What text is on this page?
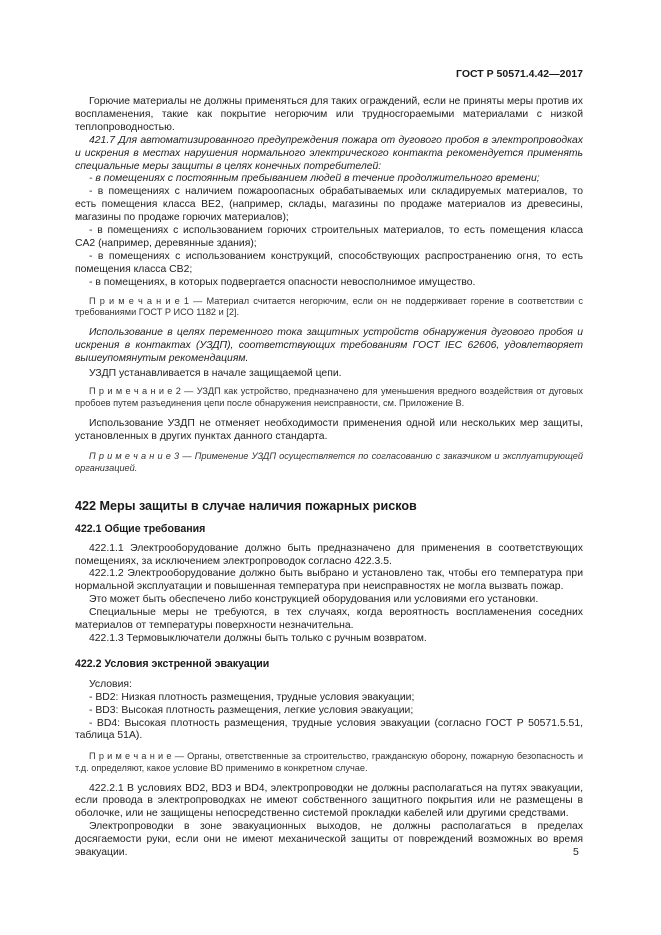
ГОСТ Р 50571.4.42—2017

Горючие материалы не должны применяться для таких ограждений, если не приняты меры против их воспламенения, такие как покрытие негорючим или трудносгораемыми материалами с низкой теплопроводностью.

421.7 Для автоматизированного предупреждения пожара от дугового пробоя в электропроводках и искрения в местах нарушения нормального электрического контакта рекомендуется применять специальные меры защиты в целях конечных потребителей:

- в помещениях с постоянным пребыванием людей в течение продолжительного времени;

- в помещениях с наличием пожароопасных обрабатываемых или складируемых материалов, то есть помещения класса BE2, (например, склады, магазины по продаже материалов из древесины, магазины по продаже горючих материалов);

- в помещениях с использованием горючих строительных материалов, то есть помещения класса CA2 (например, деревянные здания);

- в помещениях с использованием конструкций, способствующих распространению огня, то есть помещения класса CB2;

- в помещениях, в которых подвергается опасности невосполнимое имущество.

П р и м е ч а н и е 1 — Материал считается негорючим, если он не поддерживает горение в соответствии с требованиями ГОСТ Р ИСО 1182 и [2].

Использование в целях переменного тока защитных устройств обнаружения дугового пробоя и искрения в контактах (УЗДП), соответствующих требованиям ГОСТ IEC 62606, удовлетворяет вышеупомянутым рекомендациям.

УЗДП устанавливается в начале защищаемой цепи.

П р и м е ч а н и е 2 — УЗДП как устройство, предназначено для уменьшения вредного воздействия от дуговых пробоев путем разъединения цепи после обнаружения неисправности, см. Приложение В.

Использование УЗДП не отменяет необходимости применения одной или нескольких мер защиты, установленных в других пунктах данного стандарта.

П р и м е ч а н и е 3 — Применение УЗДП осуществляется по согласованию с заказчиком и эксплуатирующей организацией.

422 Меры защиты в случае наличия пожарных рисков

422.1 Общие требования

422.1.1 Электрооборудование должно быть предназначено для применения в соответствующих помещениях, за исключением электропроводок согласно 422.3.5.

422.1.2 Электрооборудование должно быть выбрано и установлено так, чтобы его температура при нормальной эксплуатации и повышенная температура при неисправностях не могла вызвать пожар.

Это может быть обеспечено либо конструкцией оборудования или условиями его установки.

Специальные меры не требуются, в тех случаях, когда вероятность воспламенения соседних материалов от температуры поверхности незначительна.

422.1.3 Термовыключатели должны быть только с ручным возвратом.

422.2 Условия экстренной эвакуации

Условия:

- BD2: Низкая плотность размещения, трудные условия эвакуации;

- BD3: Высокая плотность размещения, легкие условия эвакуации;

- BD4: Высокая плотность размещения, трудные условия эвакуации (согласно ГОСТ Р 50571.5.51, таблица 51А).

П р и м е ч а н и е — Органы, ответственные за строительство, гражданскую оборону, пожарную безопасность и т.д. определяют, какое условие BD применимо в конкретном случае.

422.2.1 В условиях BD2, BD3 и BD4, электропроводки не должны располагаться на путях эвакуации, если провода в электропроводках не имеют собственного защитного покрытия или не размещены в оболочке, или не защищены непосредственно системой прокладки кабелей или другими средствами.

Электропроводки в зоне эвакуационных выходов, не должны располагаться в пределах досягаемости руки, если они не имеют механической защиты от повреждений возможных во время эвакуации.	5
